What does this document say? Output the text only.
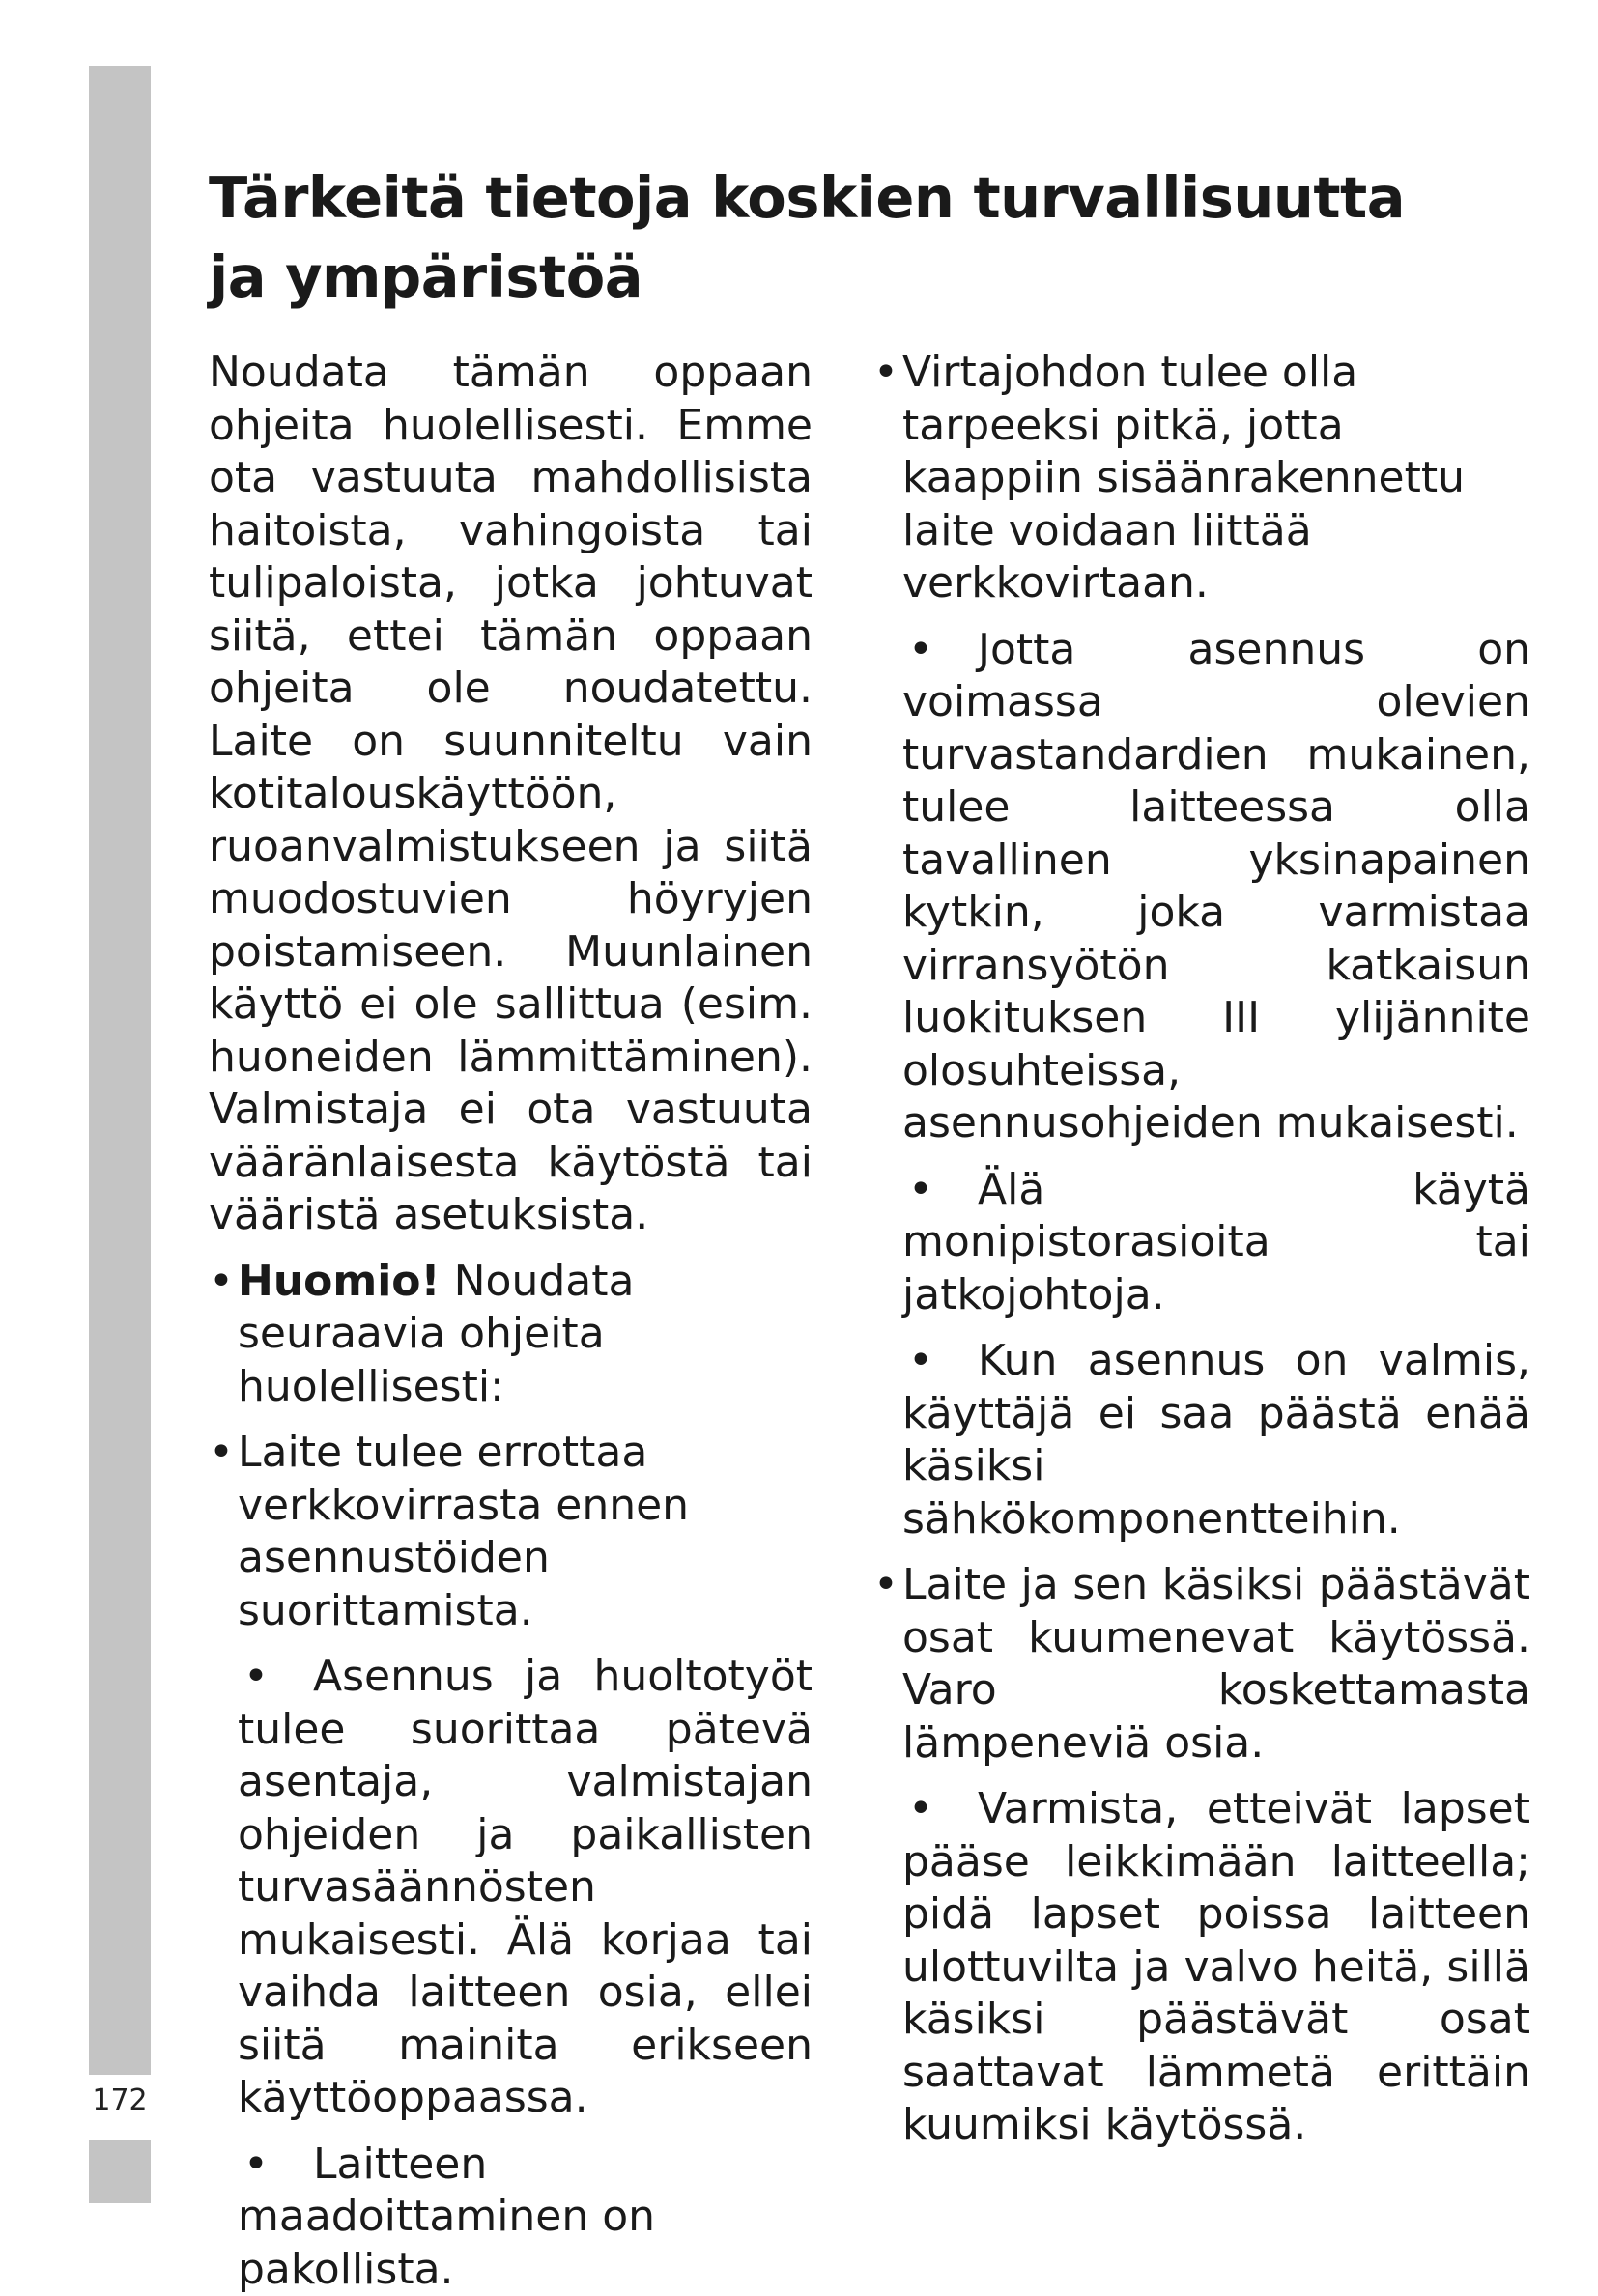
172
Tärkeitä tietoja koskien turvallisuutta ja ympäristöä

Noudata tämän oppaan ohjeita huolellisesti. Emme ota vastuuta mahdollisista haitoista, vahingoista tai tulipaloista, jotka johtuvat siitä, ettei tämän oppaan ohjeita ole noudatettu. Laite on suunniteltu vain kotitalouskäyttöön, ruoanvalmistukseen ja siitä muodostuvien höyryjen poistamiseen. Muunlainen käyttö ei ole sallittua (esim. huoneiden lämmittäminen). Valmistaja ei ota vastuuta vääränlaisesta käytöstä tai vääristä asetuksista.

• Huomio! Noudata seuraavia ohjeita huolellisesti:
• Laite tulee errottaa verkkovirrasta ennen asennustöiden suorittamista.
•	Asennus ja huoltotyöt tulee suorittaa pätevä asentaja, valmistajan ohjeiden ja paikallisten turvasäännösten mukaisesti. Älä korjaa tai vaihda laitteen osia, ellei siitä mainita erikseen käyttöoppaassa.

•	Laitteen maadoittaminen on pakollista.

• Virtajohdon tulee olla tarpeeksi pitkä, jotta kaappiin sisäänrakennettu laite voidaan liittää verkkovirtaan.
•	Jotta asennus on voimassa olevien turvastandardien mukainen, tulee laitteessa olla tavallinen yksinapainen kytkin, joka varmistaa virransyötön katkaisun luokituksen III ylijännite olosuhteissa, asennusohjeiden mukaisesti.

•	Älä käytä monipistorasioita tai jatkojohtoja.

•	Kun asennus on valmis, käyttäjä ei saa päästä enää käsiksi sähkökomponentteihin.

• Laite ja sen käsiksi päästävät osat kuumenevat käytössä. Varo koskettamasta lämpeneviä osia.

•	Varmista, etteivät lapset pääse leikkimään laitteella; pidä lapset poissa laitteen ulottuvilta ja valvo heitä, sillä käsiksi päästävät osat saattavat lämmetä erittäin kuumiksi käytössä.
